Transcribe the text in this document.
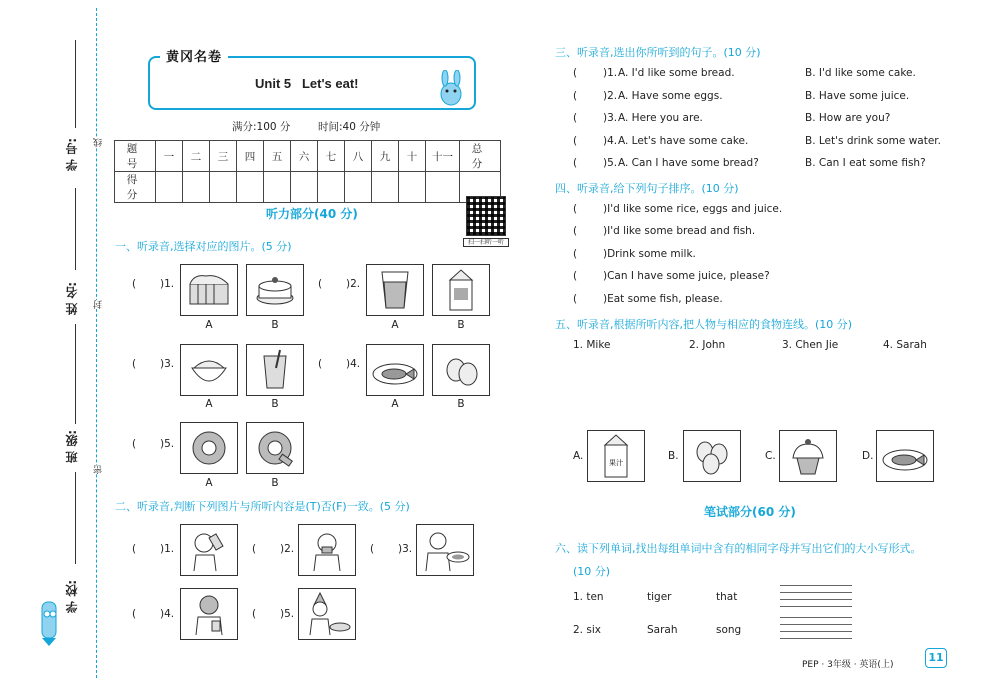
线
封
密
学 号:
姓 名:
班 级:
学 校:
黄冈名卷
Unit 5   Let's eat!
满分:100 分	时间:40 分钟
题 号	一	二	三	四	五	六	七	八	九	十	十一	总 分
得 分												
扫一扫听一听
听力部分(40 分)
一、听录音,选择对应的图片。(5 分)
( )1.
A	B
( )2.
A	B
( )3.
A	B
( )4.
A	B
( )5.
A	B
二、听录音,判断下列图片与所听内容是(T)否(F)一致。(5 分)
( )1.	( )2.	( )3.
( )4.	( )5.
三、听录音,选出你所听到的句子。(10 分)
( )1. A. I'd like some bread.	B. I'd like some cake.
( )2. A. Have some eggs.	B. Have some juice.
( )3. A. Here you are.	B. How are you?
( )4. A. Let's have some cake.	B. Let's drink some water.
( )5. A. Can I have some bread?	B. Can I eat some fish?
四、听录音,给下列句子排序。(10 分)
( )I'd like some rice, eggs and juice.
( )I'd like some bread and fish.
( )Drink some milk.
( )Can I have some juice, please?
( )Eat some fish, please.
五、听录音,根据所听内容,把人物与相应的食物连线。(10 分)
1. Mike	2. John	3. Chen Jie	4. Sarah
A.
果汁
B.	C.	D.
笔试部分(60 分)
六、读下列单词,找出每组单词中含有的相同字母并写出它们的大小写形式。
(10 分)
1. ten	tiger	that
2. six	Sarah	song
PEP · 3年级 · 英语(上)
11
